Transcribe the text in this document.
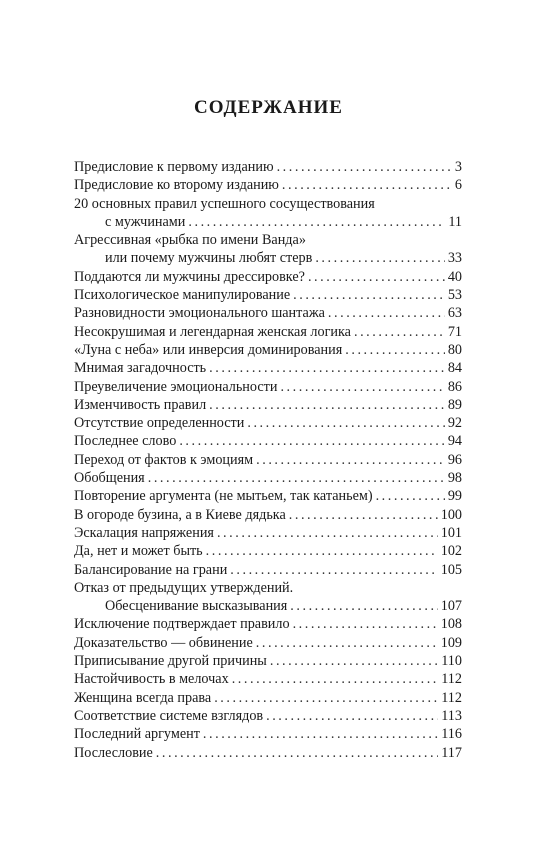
СОДЕРЖАНИЕ
Предисловие к первому изданию . . .	3
Предисловие ко второму изданию . . .	6
20 основных правил успешного сосуществования
с мужчинами . . .	11
Агрессивная «рыбка по имени Ванда»
или почему мужчины любят стерв . . .	33
Поддаются ли мужчины дрессировке? . . .	40
Психологическое манипулирование . . .	53
Разновидности эмоционального шантажа . . .	63
Несокрушимая и легендарная женская логика . . .	71
«Луна с неба» или инверсия доминирования . . .	80
Мнимая загадочность . . .	84
Преувеличение эмоциональности . . .	86
Изменчивость правил . . .	89
Отсутствие определенности . . .	92
Последнее слово . . .	94
Переход от фактов к эмоциям . . .	96
Обобщения . . .	98
Повторение аргумента (не мытьем, так катаньем) . . .	99
В огороде бузина, а в Киеве дядька . . .	100
Эскалация напряжения . . .	101
Да, нет и может быть . . .	102
Балансирование на грани . . .	105
Отказ от предыдущих утверждений.
Обесценивание высказывания . . .	107
Исключение подтверждает правило . . .	108
Доказательство — обвинение . . .	109
Приписывание другой причины . . .	110
Настойчивость в мелочах . . .	112
Женщина всегда права . . .	112
Соответствие системе взглядов . . .	113
Последний аргумент . . .	116
Послесловие . . .	117
